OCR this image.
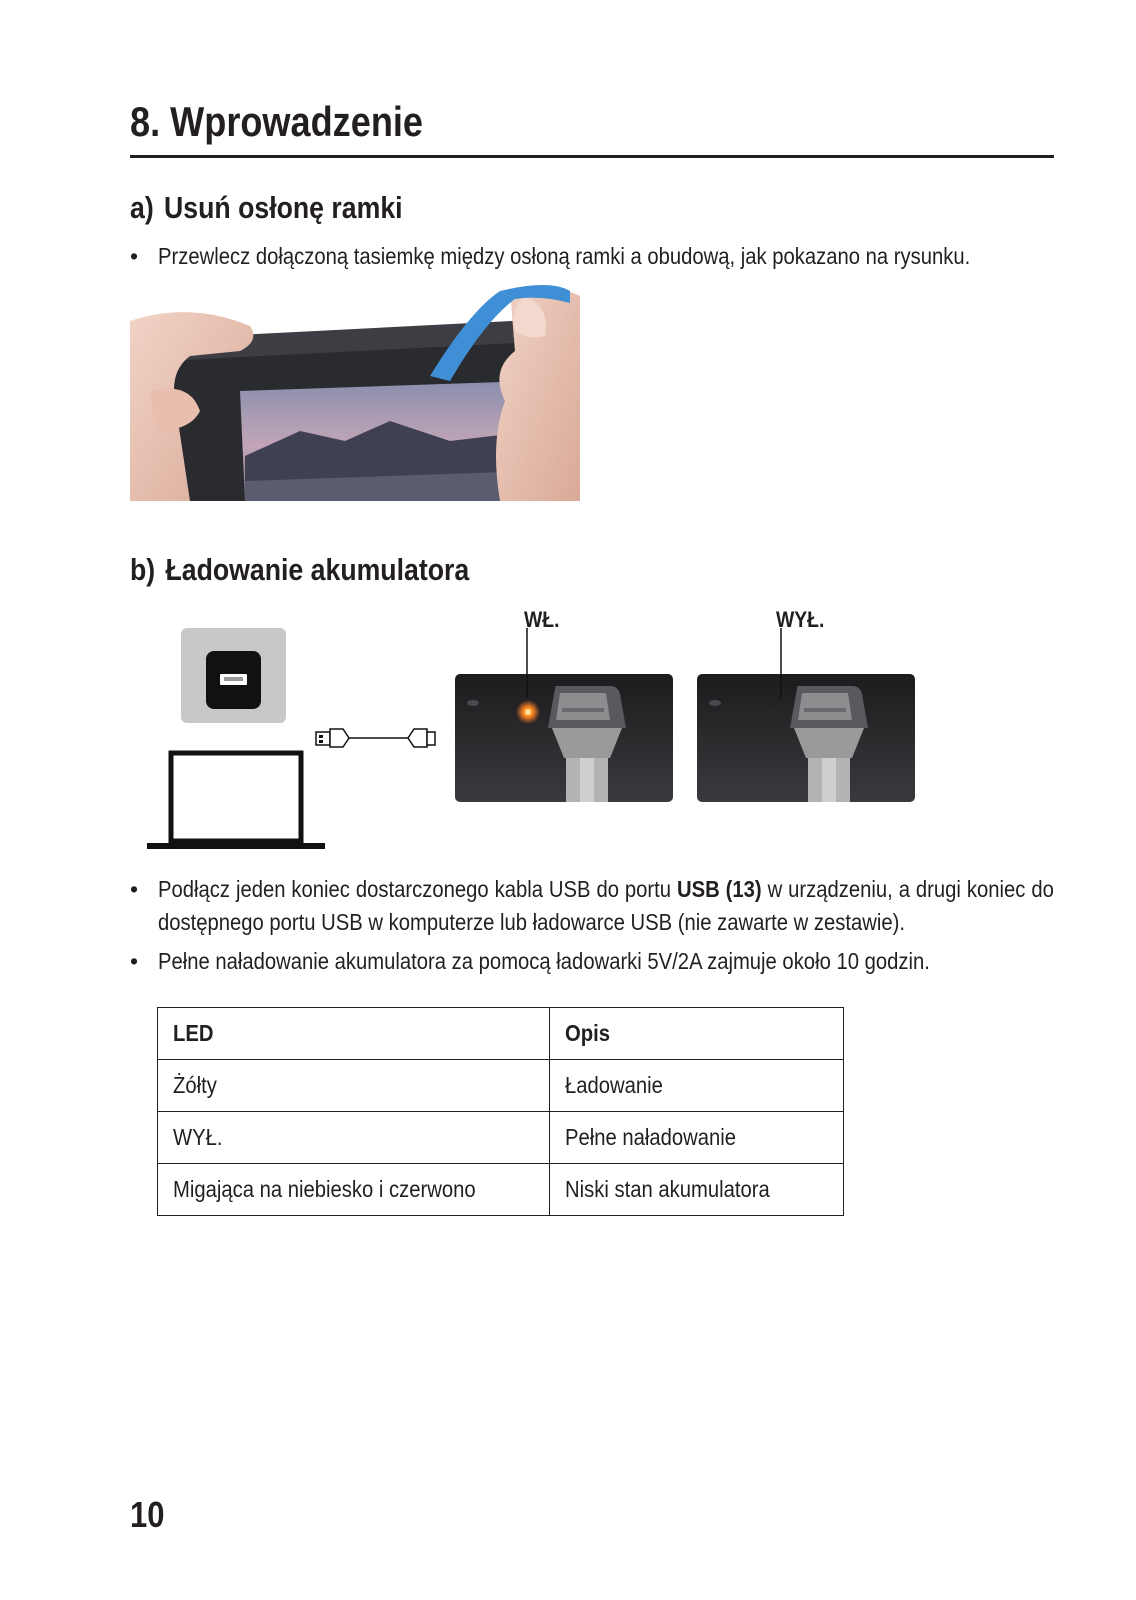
8. Wprowadzenie
a) Usuń osłonę ramki
• Przewlecz dołączoną tasiemkę między osłoną ramki a obudową, jak pokazano na rysunku.
b) Ładowanie akumulatora
WŁ.	WYŁ.
• Podłącz jeden koniec dostarczonego kabla USB do portu USB (13) w urządzeniu, a drugi koniec do dostępnego portu USB w komputerze lub ładowarce USB (nie zawarte w zestawie).
• Pełne naładowanie akumulatora za pomocą ładowarki 5V/2A zajmuje około 10 godzin.
LED	Opis
Żółty	Ładowanie
WYŁ.	Pełne naładowanie
Migająca na niebiesko i czerwono	Niski stan akumulatora
10
